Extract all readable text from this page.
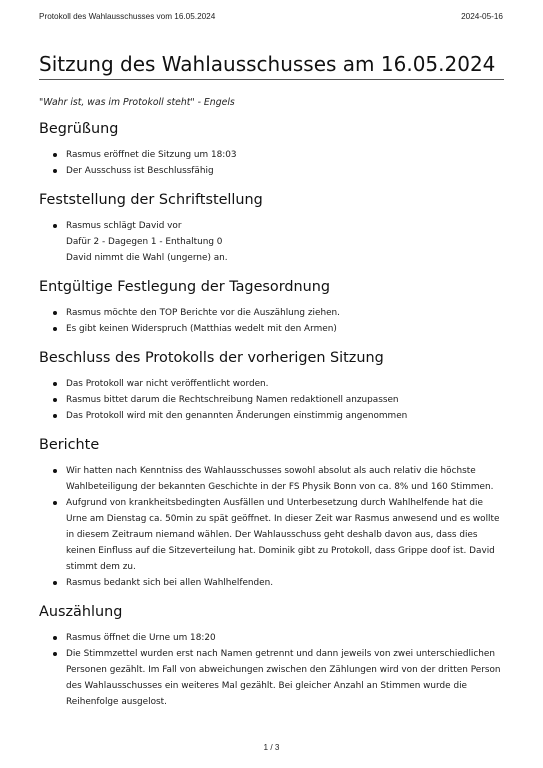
Protokoll des Wahlausschusses vom 16.05.2024	2024-05-16
Sitzung des Wahlausschusses am 16.05.2024

"Wahr ist, was im Protokoll steht" - Engels

Begrüßung
Rasmus eröffnet die Sitzung um 18:03
Der Ausschuss ist Beschlussfähig
Feststellung der Schriftstellung
Rasmus schlägt David vor
Dafür 2 - Dagegen 1 - Enthaltung 0
David nimmt die Wahl (ungerne) an.
Entgültige Festlegung der Tagesordnung
Rasmus möchte den TOP Berichte vor die Auszählung ziehen.
Es gibt keinen Widerspruch (Matthias wedelt mit den Armen)
Beschluss des Protokolls der vorherigen Sitzung
Das Protokoll war nicht veröffentlicht worden.
Rasmus bittet darum die Rechtschreibung Namen redaktionell anzupassen
Das Protokoll wird mit den genannten Änderungen einstimmig angenommen
Berichte
Wir hatten nach Kenntniss des Wahlausschusses sowohl absolut als auch relativ die höchste Wahlbeteiligung der bekannten Geschichte in der FS Physik Bonn von ca. 8% und 160 Stimmen.
Aufgrund von krankheitsbedingten Ausfällen und Unterbesetzung durch Wahlhelfende hat die Urne am Dienstag ca. 50min zu spät geöffnet. In dieser Zeit war Rasmus anwesend und es wollte in diesem Zeitraum niemand wählen. Der Wahlausschuss geht deshalb davon aus, dass dies keinen Einfluss auf die Sitzeverteilung hat. Dominik gibt zu Protokoll, dass Grippe doof ist. David stimmt dem zu.
Rasmus bedankt sich bei allen Wahlhelfenden.
Auszählung
Rasmus öffnet die Urne um 18:20
Die Stimmzettel wurden erst nach Namen getrennt und dann jeweils von zwei unterschiedlichen Personen gezählt. Im Fall von abweichungen zwischen den Zählungen wird von der dritten Person des Wahlausschusses ein weiteres Mal gezählt. Bei gleicher Anzahl an Stimmen wurde die Reihenfolge ausgelost.
1 / 3
